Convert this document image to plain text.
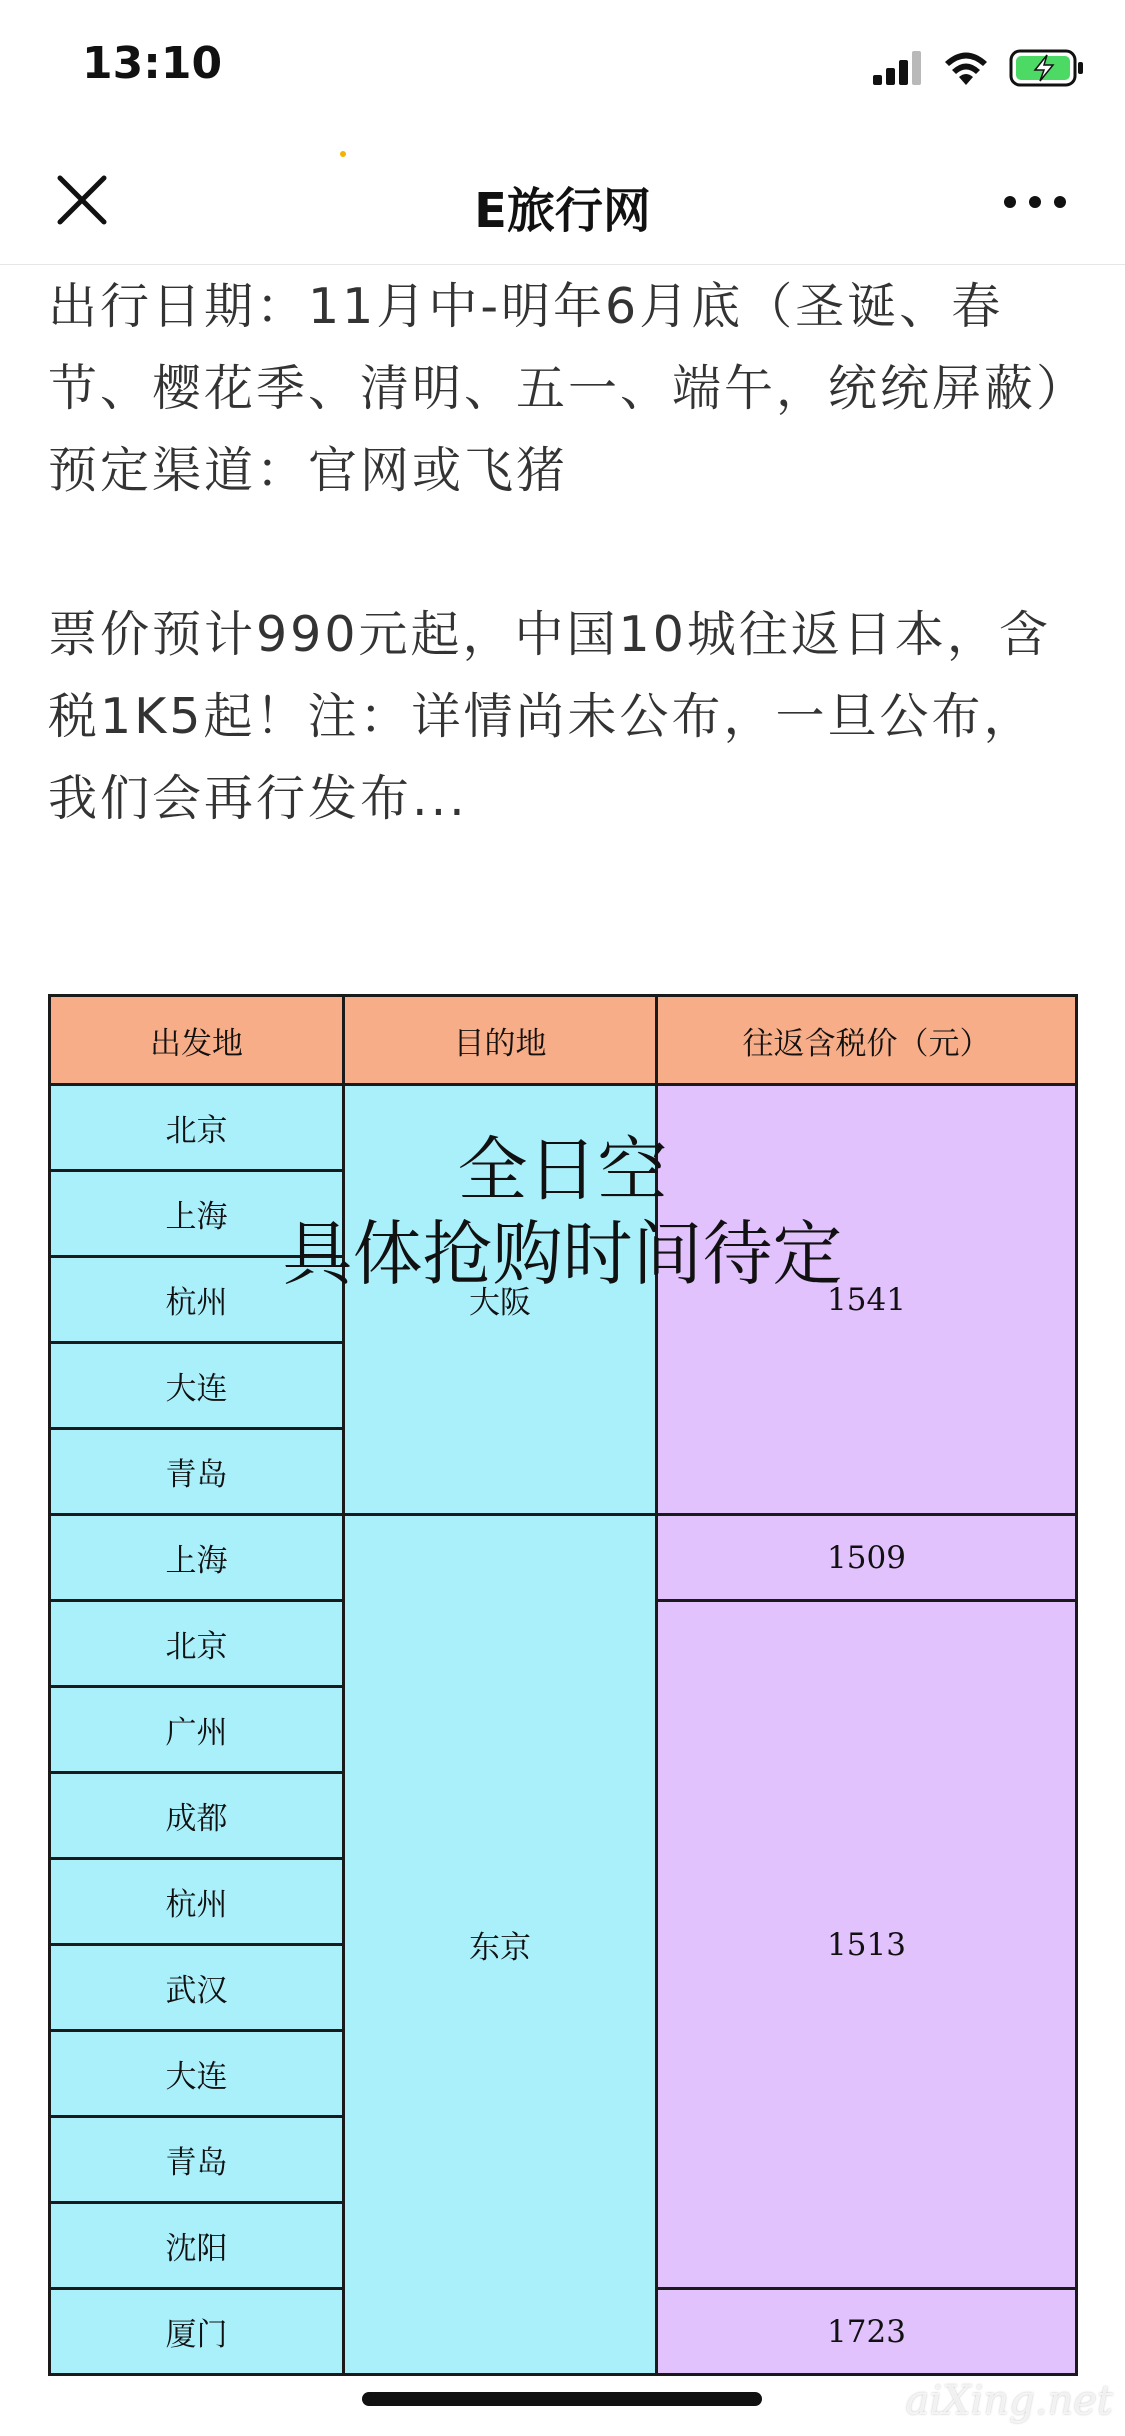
13:10
E旅行网

出行日期：11月中-明年6月底（圣诞、春节、樱花季、清明、五一、端午，统统屏蔽）

预定渠道：官网或飞猪

票价预计990元起，中国10城往返日本，含税1K5起！注：详情尚未公布，一旦公布，我们会再行发布...

出发地	目的地	往返含税价（元）
北京	大阪	1541
上海		
杭州		
大连		
青岛		
上海	东京	1509
北京		1513
广州		
成都		
杭州		
武汉		
大连		
青岛		
沈阳		
厦门		1723
全日空
具体抢购时间待定
aiXing.net
